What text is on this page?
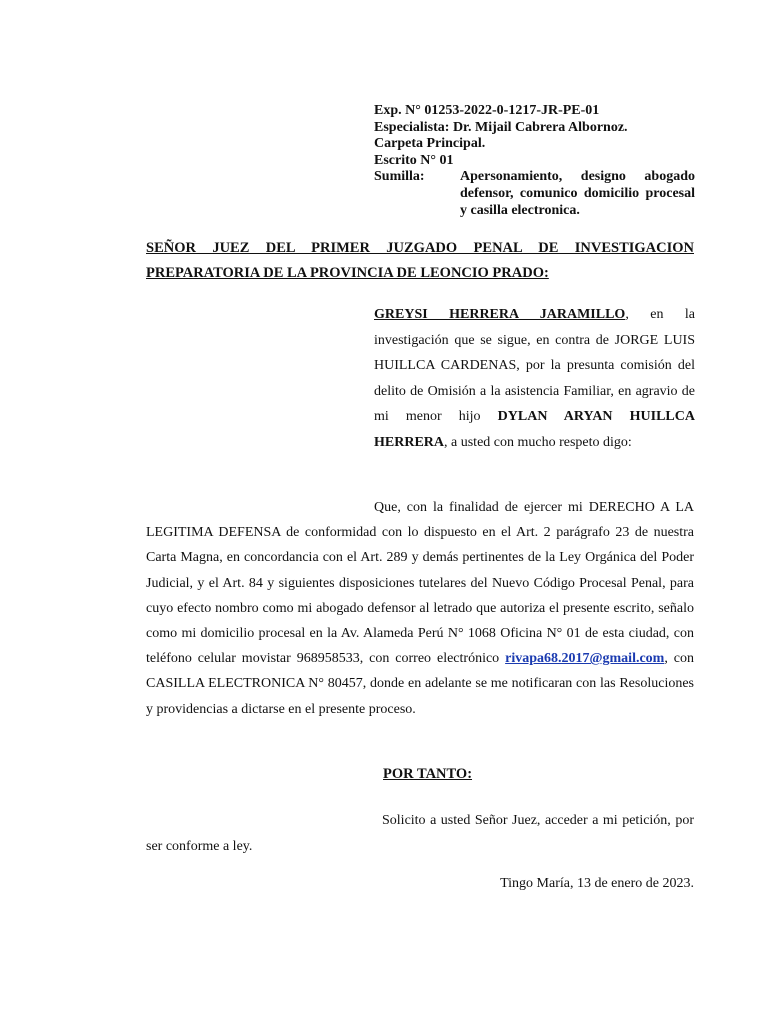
Exp. N° 01253-2022-0-1217-JR-PE-01
Especialista: Dr. Mijail Cabrera Albornoz.
Carpeta Principal.
Escrito N° 01
Sumilla:	Apersonamiento, designo abogado defensor, comunico domicilio procesal y casilla electronica.
SEÑOR JUEZ DEL PRIMER JUZGADO PENAL DE INVESTIGACION
PREPARATORIA DE LA PROVINCIA DE LEONCIO PRADO:
GREYSI HERRERA JARAMILLO, en la investigación que se sigue, en contra de JORGE LUIS HUILLCA CARDENAS, por la presunta comisión del delito de Omisión a la asistencia Familiar, en agravio de mi menor hijo DYLAN ARYAN HUILLCA HERRERA, a usted con mucho respeto digo:
Que, con la finalidad de ejercer mi DERECHO A LA LEGITIMA DEFENSA de conformidad con lo dispuesto en el Art. 2 parágrafo 23 de nuestra Carta Magna, en concordancia con el Art. 289 y demás pertinentes de la Ley Orgánica del Poder Judicial, y el Art. 84 y siguientes disposiciones tutelares del Nuevo Código Procesal Penal, para cuyo efecto nombro como mi abogado defensor al letrado que autoriza el presente escrito, señalo como mi domicilio procesal en la Av. Alameda Perú N° 1068 Oficina N° 01 de esta ciudad, con teléfono celular movistar 968958533, con correo electrónico rivapa68.2017@gmail.com, con CASILLA ELECTRONICA N° 80457, donde en adelante se me notificaran con las Resoluciones y providencias a dictarse en el presente proceso.
POR TANTO:
Solicito a usted Señor Juez, acceder a mi petición, por ser conforme a ley.
Tingo María, 13 de enero de 2023.
